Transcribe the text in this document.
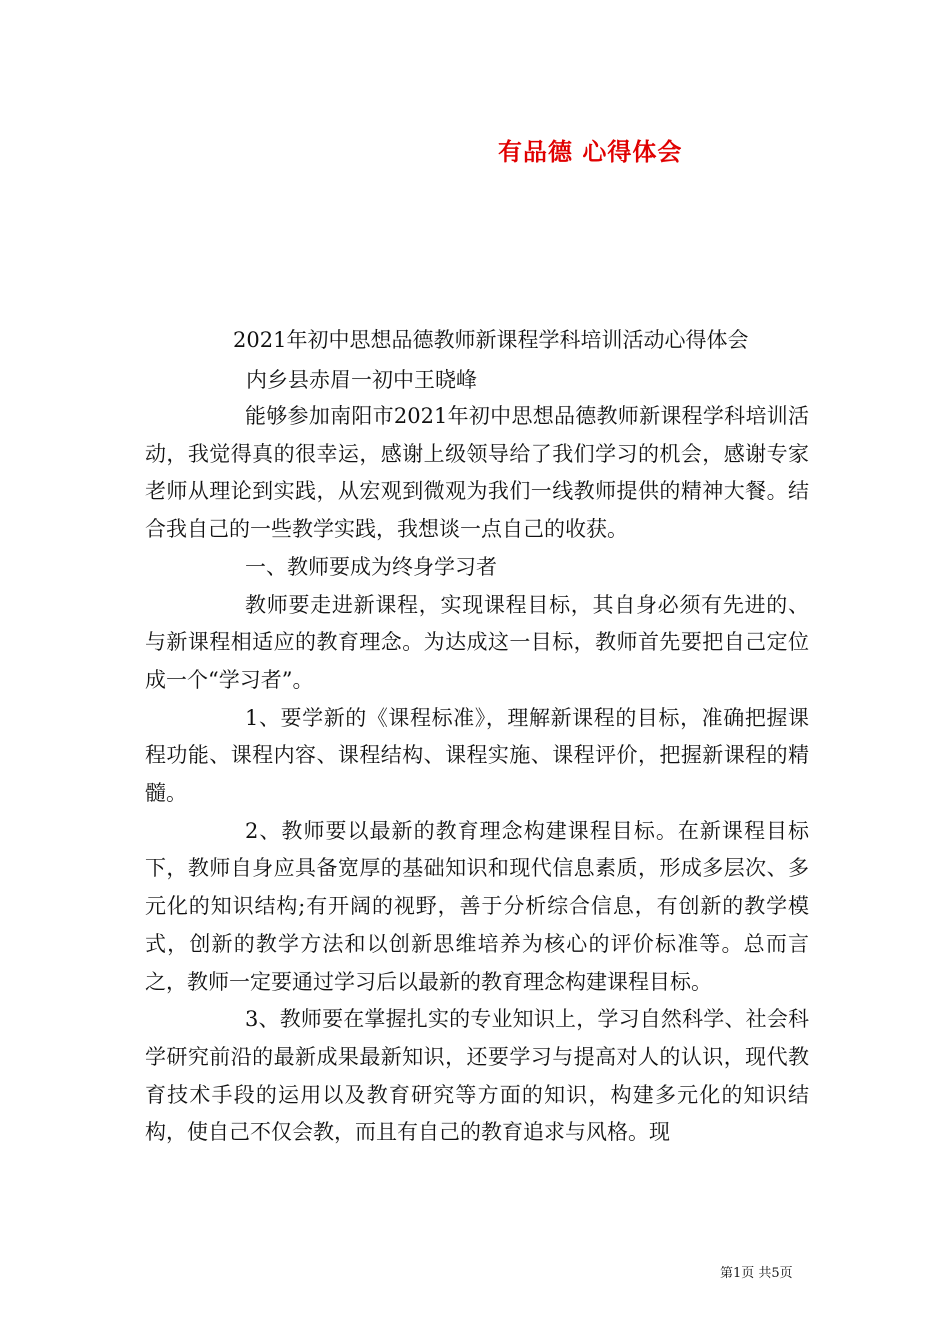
有品德 心得体会
2021年初中思想品德教师新课程学科培训活动心得体会
内乡县赤眉一初中王晓峰

能够参加南阳市2021年初中思想品德教师新课程学科培训活动，我觉得真的很幸运，感谢上级领导给了我们学习的机会，感谢专家老师从理论到实践，从宏观到微观为我们一线教师提供的精神大餐。结合我自己的一些教学实践，我想谈一点自己的收获。

一、教师要成为终身学习者

教师要走进新课程，实现课程目标，其自身必须有先进的、与新课程相适应的教育理念。为达成这一目标，教师首先要把自己定位成一个“学习者”。

1、要学新的《课程标准》，理解新课程的目标，准确把握课程功能、课程内容、课程结构、课程实施、课程评价，把握新课程的精髓。

2、教师要以最新的教育理念构建课程目标。在新课程目标下，教师自身应具备宽厚的基础知识和现代信息素质，形成多层次、多元化的知识结构;有开阔的视野，善于分析综合信息，有创新的教学模式，创新的教学方法和以创新思维培养为核心的评价标准等。总而言之，教师一定要通过学习后以最新的教育理念构建课程目标。

3、教师要在掌握扎实的专业知识上，学习自然科学、社会科学研究前沿的最新成果最新知识，还要学习与提高对人的认识，现代教育技术手段的运用以及教育研究等方面的知识，构建多元化的知识结构，使自己不仅会教，而且有自己的教育追求与风格。现

第1页 共5页
